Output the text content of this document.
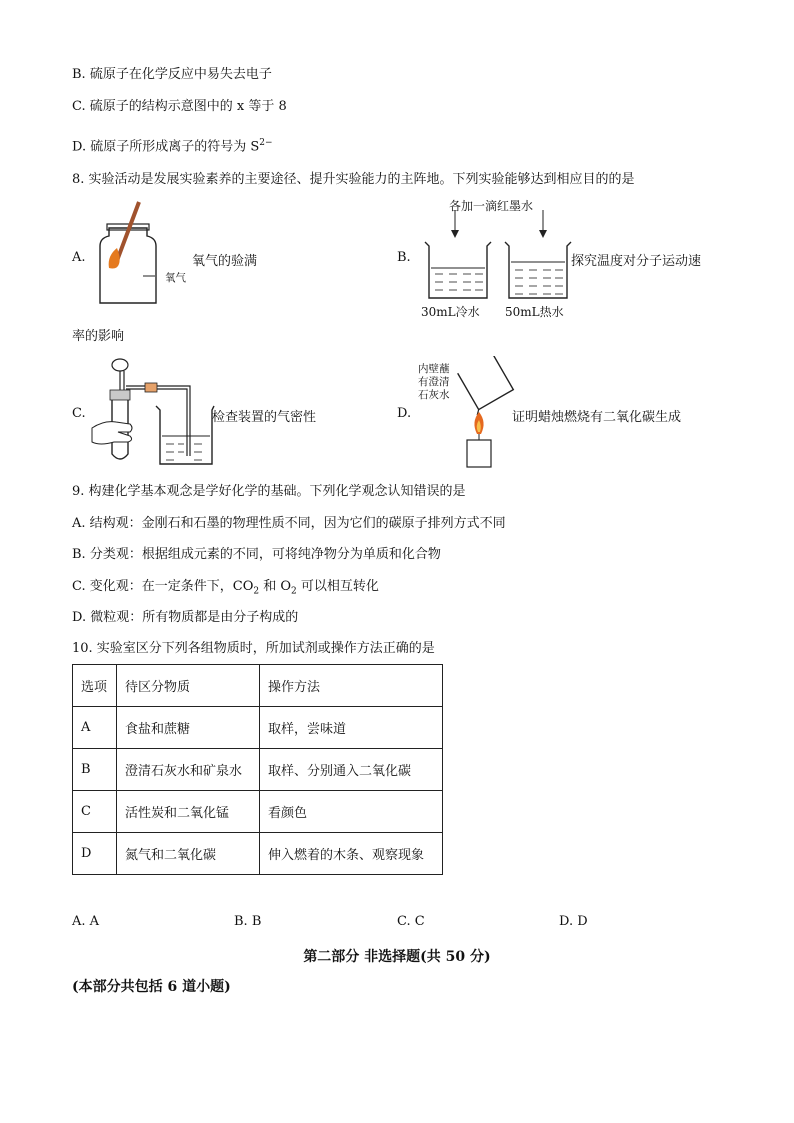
B. 硫原子在化学反应中易失去电子
C. 硫原子的结构示意图中的 x 等于 8
D. 硫原子所形成离子的符号为 $S^{2-}$
8. 实验活动是发展实验素养的主要途径、提升实验能力的主阵地。下列实验能够达到相应目的的是
A.
氧气
氧气的验满	B.
各加一滴红墨水
30mL冷水 50mL热水
探究温度对分子运动速
率的影响
C.	检查装置的气密性	D.
内壁蘸
有澄清
石灰水
证明蜡烛燃烧有二氧化碳生成
9. 构建化学基本观念是学好化学的基础。下列化学观念认知错误的是
A. 结构观：金刚石和石墨的物理性质不同，因为它们的碳原子排列方式不同
B. 分类观：根据组成元素的不同，可将纯净物分为单质和化合物
C. 变化观：在一定条件下，$CO_2$ 和 $O_2$ 可以相互转化
D. 微粒观：所有物质都是由分子构成的
10. 实验室区分下列各组物质时，所加试剂或操作方法正确的是
选项	待区分物质	操作方法
A	食盐和蔗糖	取样，尝味道
B	澄清石灰水和矿泉水	取样、分别通入二氧化碳
C	活性炭和二氧化锰	看颜色
D	氮气和二氧化碳	伸入燃着的木条、观察现象
A. A	B. B	C. C	D. D
第二部分 非选择题(共 50 分)
(本部分共包括 6 道小题)
